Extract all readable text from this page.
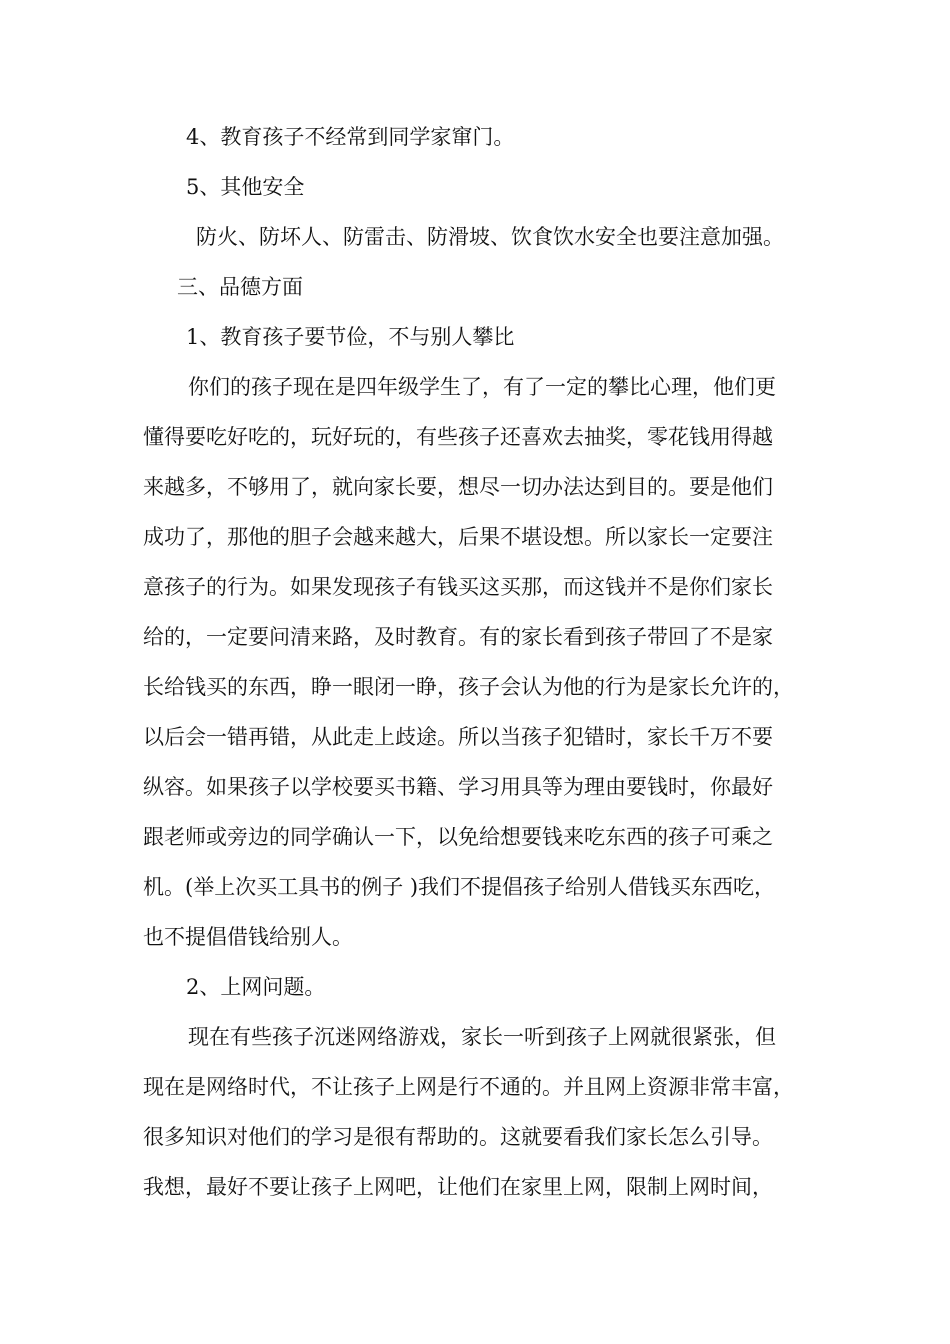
4、教育孩子不经常到同学家窜门。
5、其他安全
防火、防坏人、防雷击、防滑坡、饮食饮水安全也要注意加强。
三、品德方面
1、教育孩子要节俭，不与别人攀比
你们的孩子现在是四年级学生了，有了一定的攀比心理，他们更
懂得要吃好吃的，玩好玩的，有些孩子还喜欢去抽奖，零花钱用得越
来越多，不够用了，就向家长要，想尽一切办法达到目的。要是他们
成功了，那他的胆子会越来越大，后果不堪设想。所以家长一定要注
意孩子的行为。如果发现孩子有钱买这买那，而这钱并不是你们家长
给的，一定要问清来路，及时教育。有的家长看到孩子带回了不是家
长给钱买的东西，睁一眼闭一睁，孩子会认为他的行为是家长允许的，
以后会一错再错，从此走上歧途。所以当孩子犯错时，家长千万不要
纵容。如果孩子以学校要买书籍、学习用具等为理由要钱时，你最好
跟老师或旁边的同学确认一下，以免给想要钱来吃东西的孩子可乘之
机。(举上次买工具书的例子 )我们不提倡孩子给别人借钱买东西吃，
也不提倡借钱给别人。
2、上网问题。
现在有些孩子沉迷网络游戏，家长一听到孩子上网就很紧张，但
现在是网络时代，不让孩子上网是行不通的。并且网上资源非常丰富，
很多知识对他们的学习是很有帮助的。这就要看我们家长怎么引导。
我想，最好不要让孩子上网吧，让他们在家里上网，限制上网时间，
